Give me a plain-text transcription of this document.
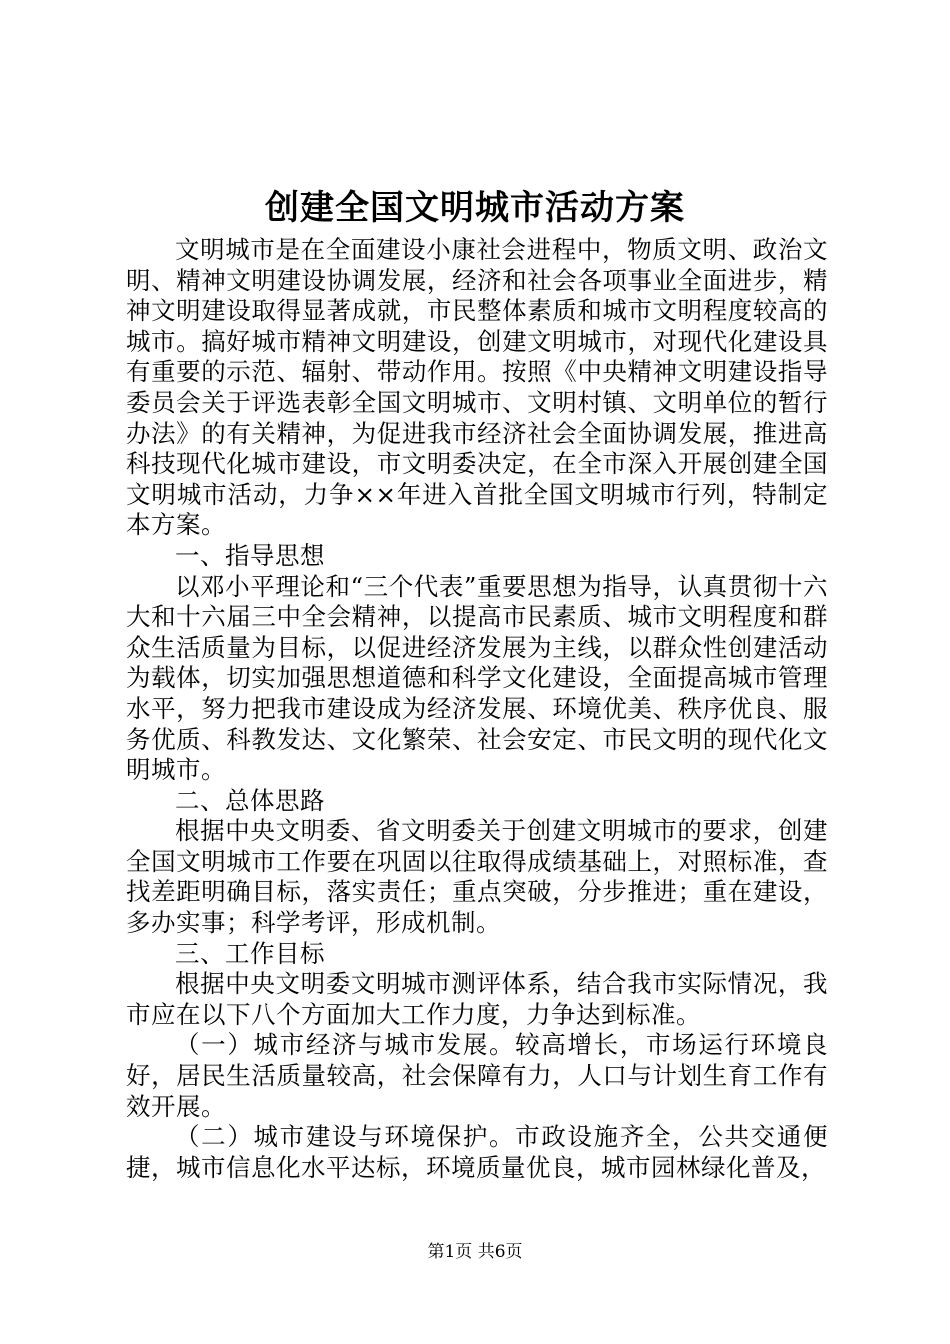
创建全国文明城市活动方案

文明城市是在全面建设小康社会进程中，物质文明、政治文明、精神文明建设协调发展，经济和社会各项事业全面进步，精神文明建设取得显著成就，市民整体素质和城市文明程度较高的城市。搞好城市精神文明建设，创建文明城市，对现代化建设具有重要的示范、辐射、带动作用。按照《中央精神文明建设指导委员会关于评选表彰全国文明城市、文明村镇、文明单位的暂行办法》的有关精神，为促进我市经济社会全面协调发展，推进高科技现代化城市建设，市文明委决定，在全市深入开展创建全国文明城市活动，力争××年进入首批全国文明城市行列，特制定本方案。

一、指导思想

以邓小平理论和“三个代表”重要思想为指导，认真贯彻十六大和十六届三中全会精神，以提高市民素质、城市文明程度和群众生活质量为目标，以促进经济发展为主线，以群众性创建活动为载体，切实加强思想道德和科学文化建设，全面提高城市管理水平，努力把我市建设成为经济发展、环境优美、秩序优良、服务优质、科教发达、文化繁荣、社会安定、市民文明的现代化文明城市。

二、总体思路

根据中央文明委、省文明委关于创建文明城市的要求，创建全国文明城市工作要在巩固以往取得成绩基础上，对照标准，查找差距明确目标，落实责任；重点突破，分步推进；重在建设，多办实事；科学考评，形成机制。

三、工作目标

根据中央文明委文明城市测评体系，结合我市实际情况，我市应在以下八个方面加大工作力度，力争达到标准。

（一）城市经济与城市发展。较高增长，市场运行环境良好，居民生活质量较高，社会保障有力，人口与计划生育工作有效开展。

（二）城市建设与环境保护。市政设施齐全，公共交通便捷，城市信息化水平达标，环境质量优良，城市园林绿化普及，

第1页 共6页
